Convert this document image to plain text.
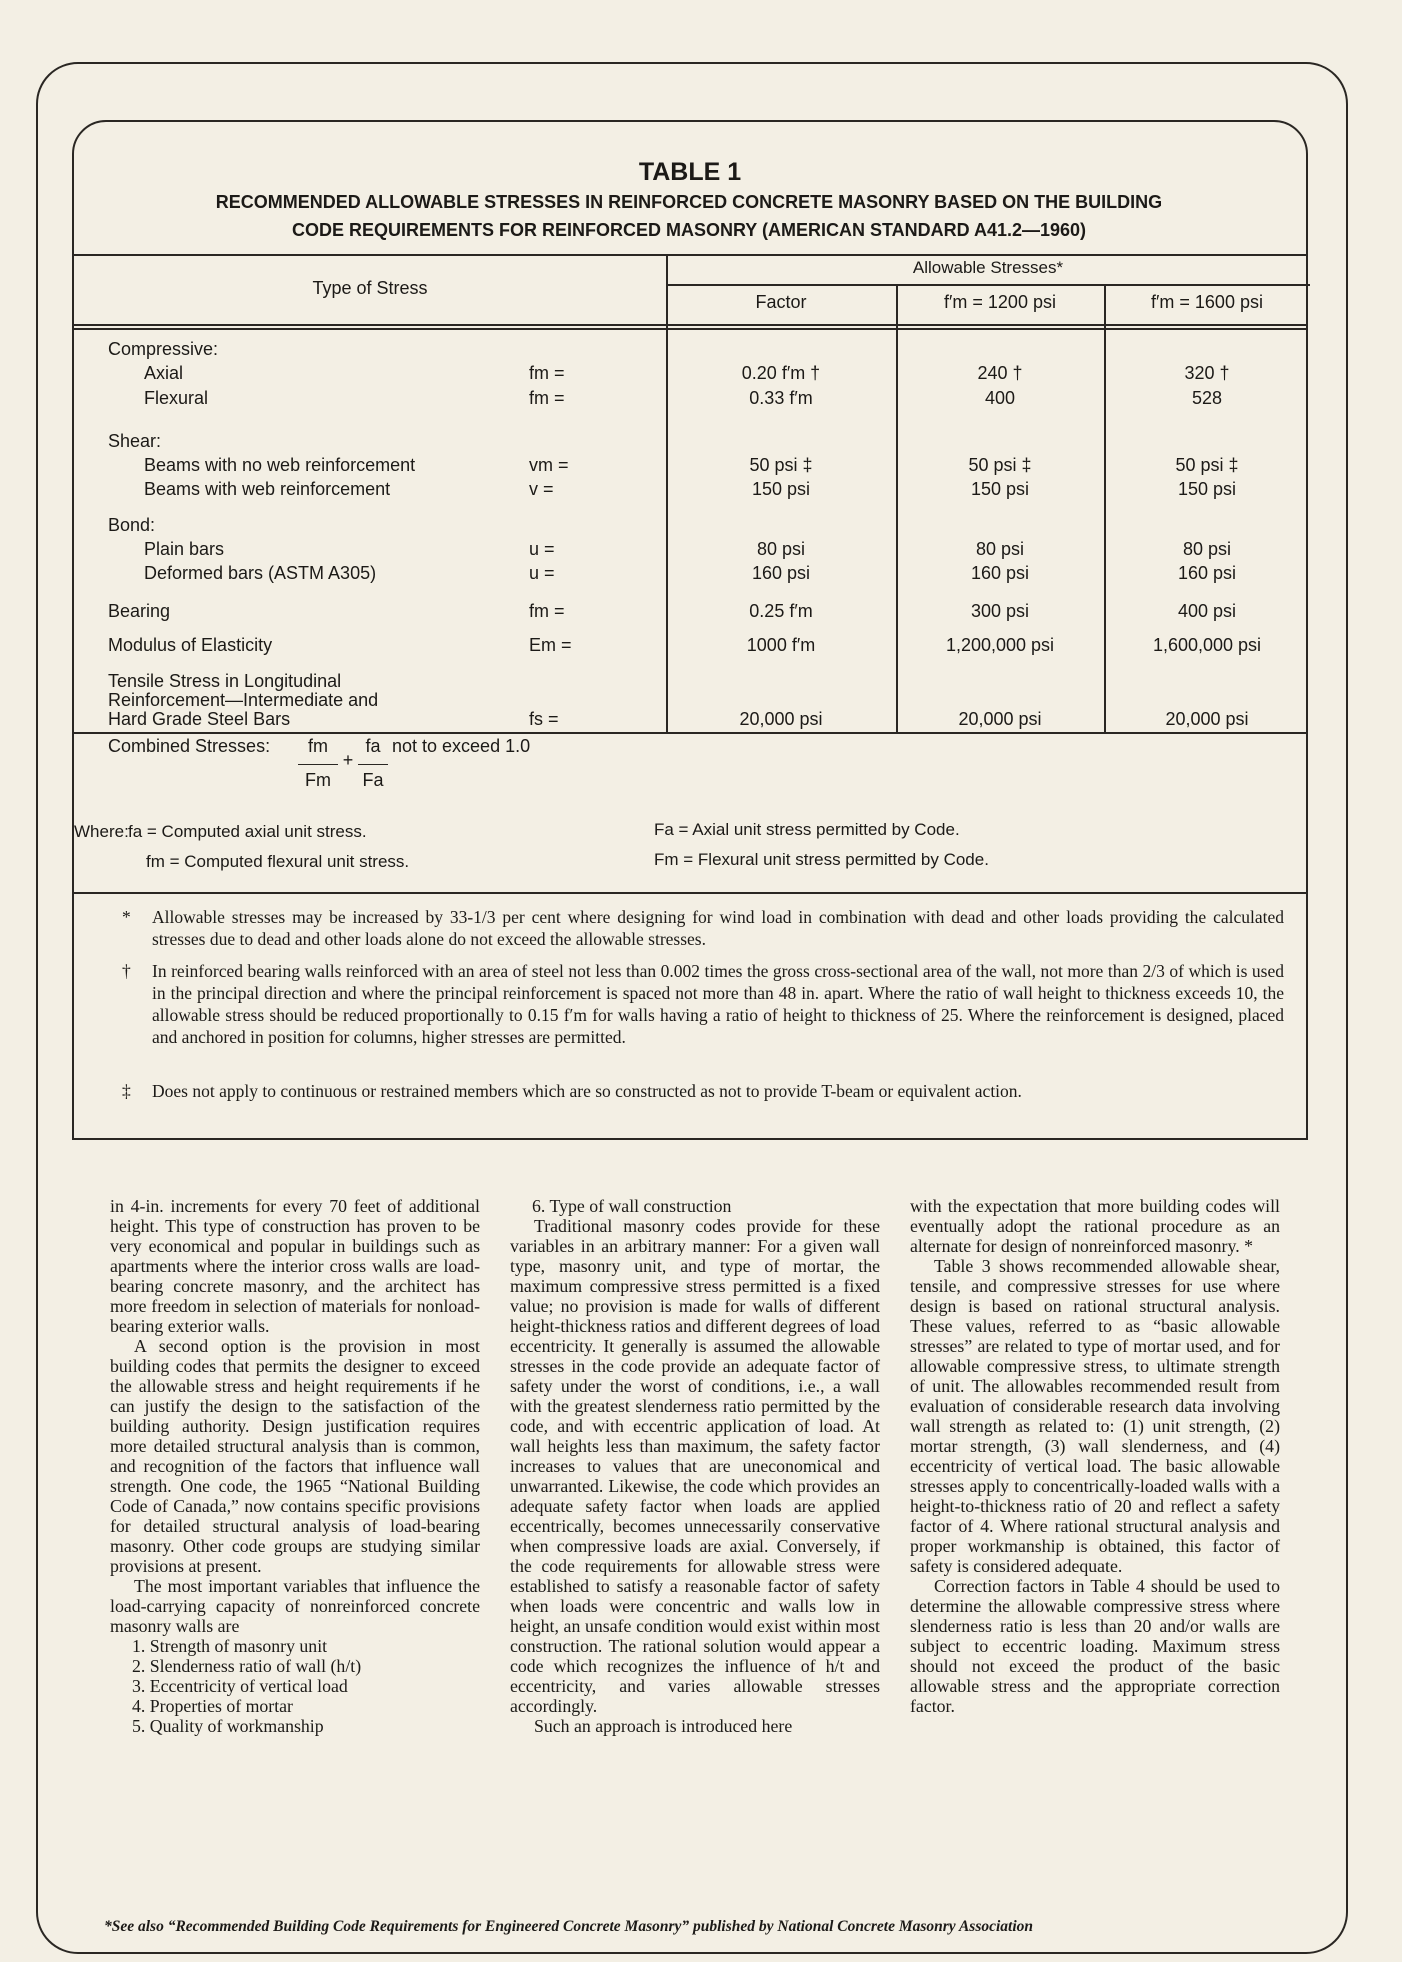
TABLE 1
RECOMMENDED ALLOWABLE STRESSES IN REINFORCED CONCRETE MASONRY BASED ON THE BUILDING
CODE REQUIREMENTS FOR REINFORCED MASONRY (AMERICAN STANDARD A41.2—1960)
Type of Stress
Allowable Stresses*
Factor	f′m = 1200 psi	f′m = 1600 psi
Compressive:
Axial	fm =	0.20 f′m †	240 †	320 †
Flexural	fm =	0.33 f′m	400	528
Shear:
Beams with no web reinforcement	vm =	50 psi ‡	50 psi ‡	50 psi ‡
Beams with web reinforcement	v =	150 psi	150 psi	150 psi
Bond:
Plain bars	u =	80 psi	80 psi	80 psi
Deformed bars (ASTM A305)	u =	160 psi	160 psi	160 psi
Bearing	fm =	0.25 f′m	300 psi	400 psi
Modulus of Elasticity	Em =	1000 f′m	1,200,000 psi	1,600,000 psi
Tensile Stress in Longitudinal
Reinforcement—Intermediate and
Hard Grade Steel Bars	fs =	20,000 psi	20,000 psi	20,000 psi
Combined Stresses:	fm
Fm
+
fa
Fa
not to exceed 1.0
Where: fa = Computed axial unit stress.
fm = Computed flexural unit stress.
Fa = Axial unit stress permitted by Code.
Fm = Flexural unit stress permitted by Code.
* Allowable stresses may be increased by 33-1/3 per cent where designing for wind load in combination with dead and other loads providing the calculated stresses due to dead and other loads alone do not exceed the allowable stresses.
† In reinforced bearing walls reinforced with an area of steel not less than 0.002 times the gross cross-sectional area of the wall, not more than 2/3 of which is used in the principal direction and where the principal reinforcement is spaced not more than 48 in. apart. Where the ratio of wall height to thickness exceeds 10, the allowable stress should be reduced proportionally to 0.15 f′m for walls having a ratio of height to thickness of 25. Where the reinforcement is designed, placed and anchored in position for columns, higher stresses are permitted.
‡ Does not apply to continuous or restrained members which are so constructed as not to provide T-beam or equivalent action.

in 4-in. increments for every 70 feet of additional height. This type of construction has proven to be very economical and popular in buildings such as apartments where the interior cross walls are load-bearing concrete masonry, and the architect has more freedom in selection of materials for nonload-bearing exterior walls.

A second option is the provision in most building codes that permits the designer to exceed the allowable stress and height requirements if he can justify the design to the satisfaction of the building authority. Design justification requires more detailed structural analysis than is common, and recognition of the factors that influence wall strength. One code, the 1965 “National Building Code of Canada,” now contains specific provisions for detailed structural analysis of load-bearing masonry. Other code groups are studying similar provisions at present.

The most important variables that influence the load-carrying capacity of nonreinforced concrete masonry walls are

1. Strength of masonry unit

2. Slenderness ratio of wall (h/t)

3. Eccentricity of vertical load

4. Properties of mortar

5. Quality of workmanship

6. Type of wall construction

Traditional masonry codes provide for these variables in an arbitrary manner: For a given wall type, masonry unit, and type of mortar, the maximum compressive stress permitted is a fixed value; no provision is made for walls of different height-thickness ratios and different degrees of load eccentricity. It generally is assumed the allowable stresses in the code provide an adequate factor of safety under the worst of conditions, i.e., a wall with the greatest slenderness ratio permitted by the code, and with eccentric application of load. At wall heights less than maximum, the safety factor increases to values that are uneconomical and unwarranted. Likewise, the code which provides an adequate safety factor when loads are applied eccentrically, becomes unnecessarily conservative when compressive loads are axial. Conversely, if the code requirements for allowable stress were established to satisfy a reasonable factor of safety when loads were concentric and walls low in height, an unsafe condition would exist within most construction. The rational solution would appear a code which recognizes the influence of h/t and eccentricity, and varies allowable stresses accordingly.

Such an approach is introduced here

with the expectation that more building codes will eventually adopt the rational procedure as an alternate for design of nonreinforced masonry. *

Table 3 shows recommended allowable shear, tensile, and compressive stresses for use where design is based on rational structural analysis. These values, referred to as “basic allowable stresses” are related to type of mortar used, and for allowable compressive stress, to ultimate strength of unit. The allowables recommended result from evaluation of considerable research data involving wall strength as related to: (1) unit strength, (2) mortar strength, (3) wall slenderness, and (4) eccentricity of vertical load. The basic allowable stresses apply to concentrically-loaded walls with a height-to-thickness ratio of 20 and reflect a safety factor of 4. Where rational structural analysis and proper workmanship is obtained, this factor of safety is considered adequate.

Correction factors in Table 4 should be used to determine the allowable compressive stress where slenderness ratio is less than 20 and/or walls are subject to eccentric loading. Maximum stress should not exceed the product of the basic allowable stress and the appropriate correction factor.

*See also “Recommended Building Code Requirements for Engineered Concrete Masonry” published by National Concrete Masonry Association
